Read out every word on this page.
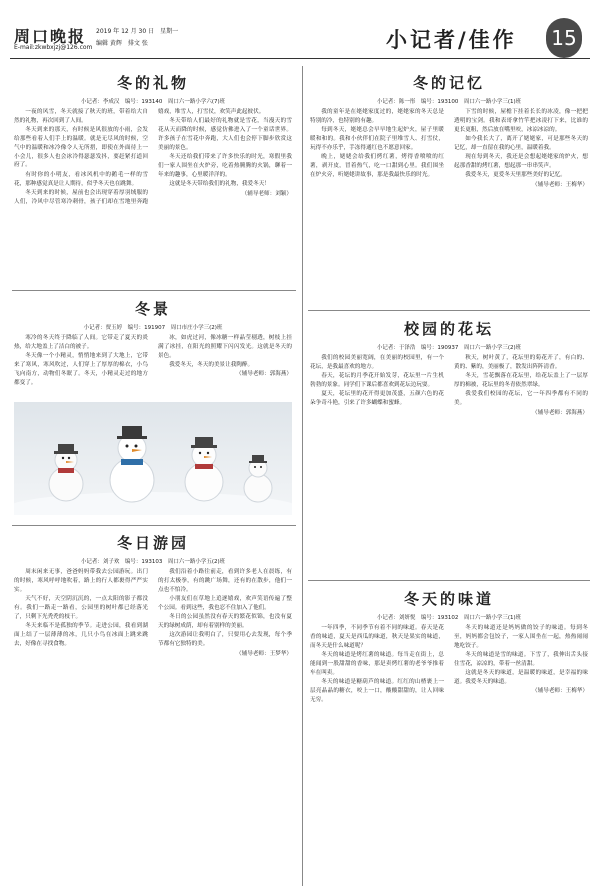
周口晚报
E-mail:zkwbxjzj@126.com
2019 年 12 月 30 日　星期一
编辑 黄辉　排文 张	小记者/佳作 15
冬的礼物
小记者：李成汉　编号：193140　周口六一路小学六(7)班

一夜的风雪，冬天就接了秋天的班，带着给大自然的礼物，再次回到了人间。

冬天到来的那天，有时候是风很放的小雨，会发给那些看着人们手上的温暖。就是无尽风的时候，空气中的温暖和冰冷像令人无所措，即使在外面待上一小会儿，很多人也会冰冷得瑟瑟发抖，要赶紧打道回府了。

有时你的小明友，看冰风机中的鹅毛一样的雪花，那种感觉真是让人期待，似乎冬天也在跳舞。

冬天到来的时候，屋前也会出现穿着厚羽绒服的人们，冷风中尽管寒冷刺骨，孩子们却在雪地里奔跑嬉戏，堆雪人，打雪仗，欢笑声此起彼伏。

冬天带给人们最好的礼物就是雪花，当漫天的雪花从天而降的时候，感觉仿佛进入了一个童话世界。许多孩子在雪花中奔跑，大人们也会停下脚步欣赏这美丽的景色。

冬天还给我们带来了许多快乐的时光，寒假里我们一家人围坐在火炉旁，吃着热腾腾的火锅，聊着一年来的趣事，心里暖洋洋的。

这就是冬天带给我们的礼物，我爱冬天！

（辅导老师：刘颖）

冬景
小记者：贾玉婷　编号：191907　周口市庄小学三(2)班

寒冷的冬天终于降临了人间。它带走了夏天的炎热，给大地盖上了洁白的被子。

冬天像一个小精灵，悄悄地来到了大地上，它带来了寒风，寒风吹过，人们穿上了厚厚的棉衣，小鸟飞向南方，动物们冬眠了。冬天，小精灵走过的地方都变了。

冰，如虎过河，像冰糖一样晶莹剔透，树枝上挂满了冰挂，在阳光的照耀下闪闪发光。这就是冬天的景色。

我爱冬天，冬天的美景让我陶醉。

（辅导老师：郭海燕）

冬日游园
小记者：刘子欢　编号：193103　周口六一路小学五(2)班

周末闲来无事，爸爸妈妈带我去公园游玩。出门的时候，寒风呼呼地吹着，路上的行人都裹得严严实实。

天气不好，天空阴沉沉的，一点太阳的影子都没有。我们一路走一路看，公园里的树叶都已经落光了，只剩下光秃秃的枝干。

冬天来临不是孤独的季节。走进公园，我看到湖面上结了一层薄薄的冰，几只小鸟在冰面上跳来跳去，好像在寻找食物。

我们沿着小路往前走，看到许多老人在晨练，有的打太极拳，有的跳广场舞，还有的在散步，他们一点也不怕冷。

小朋友们在草地上追逐嬉戏，欢声笑语传遍了整个公园。看到这些，我也忍不住加入了他们。

冬日的公园虽然没有春天的繁花似锦，也没有夏天的绿树成荫，却有着别样的美丽。

这次游园让我明白了，只要用心去发现，每个季节都有它独特的美。

（辅导老师：王梦华）

冬的记忆
小记者：陈一彤　编号：193100　周口六一路小学三(1)班

我的童年是在姥姥家度过的，姥姥家的冬天总是特别的冷，也特别的有趣。

每到冬天，姥姥总会早早地生起炉火，屋子里暖暖和和的。我和小伙伴们在院子里堆雪人、打雪仗，玩得不亦乐乎，手冻得通红也不愿意回家。

晚上，姥姥会给我们烤红薯，烤得香喷喷的红薯，剥开皮，冒着热气，吃一口甜到心里。我们围坐在炉火旁，听姥姥讲故事，那是我最快乐的时光。

下雪的时候，屋檐下挂着长长的冰凌，像一把把透明的宝剑。我和表哥拿竹竿把冰凌打下来，比谁的更长更粗，然后放在嘴里咬，冰凉冰凉的。

如今我长大了，离开了姥姥家，可是那些冬天的记忆，却一直留在我的心里，温暖着我。

现在每到冬天，我还是会想起姥姥家的炉火，想起那香甜的烤红薯，想起那一串串笑声。

我爱冬天，更爱冬天里那些美好的记忆。

（辅导老师：王梅华）

校园的花坛
小记者：于泽浩　编号：190937　周口六一路小学三(2)班

我们的校园美丽宽阔，在美丽的校园里，有一个花坛，是我最喜欢的地方。

春天，花坛的月季花开始发芽，花坛里一片生机勃勃的景象。同学们下课后都喜欢到花坛边玩耍。

夏天，花坛里的花开得更加茂盛，五颜六色的花朵争奇斗艳，引来了许多蝴蝶和蜜蜂。

秋天，树叶黄了，花坛里的菊花开了，有白的、黄的、紫的，美丽极了，散发出阵阵清香。

冬天，雪花飘落在花坛里，给花坛盖上了一层厚厚的棉被，花坛里的冬青依然翠绿。

我爱我们校园的花坛，它一年四季都有不同的美。

（辅导老师：郭海燕）

冬天的味道
小记者：刘妍悦　编号：193102　周口六一路小学三(1)班

一年四季，不同季节有着不同的味道。春天是花香的味道，夏天是西瓜的味道，秋天是果实的味道，而冬天是什么味道呢？

冬天的味道是烤红薯的味道。每当走在街上，总能闻到一股甜甜的香味，那是卖烤红薯的老爷爷推着车在叫卖。

冬天的味道是糖葫芦的味道。红红的山楂裹上一层亮晶晶的糖衣，咬上一口，酸酸甜甜的，让人回味无穷。

冬天的味道还是妈妈做的饺子的味道。每到冬至，妈妈都会包饺子，一家人围坐在一起，热热闹闹地吃饺子。

冬天的味道是雪的味道。下雪了，我伸出舌头接住雪花，凉凉的，带着一丝清甜。

这就是冬天的味道，是温暖的味道，是幸福的味道。我爱冬天的味道。

（辅导老师：王梅华）
